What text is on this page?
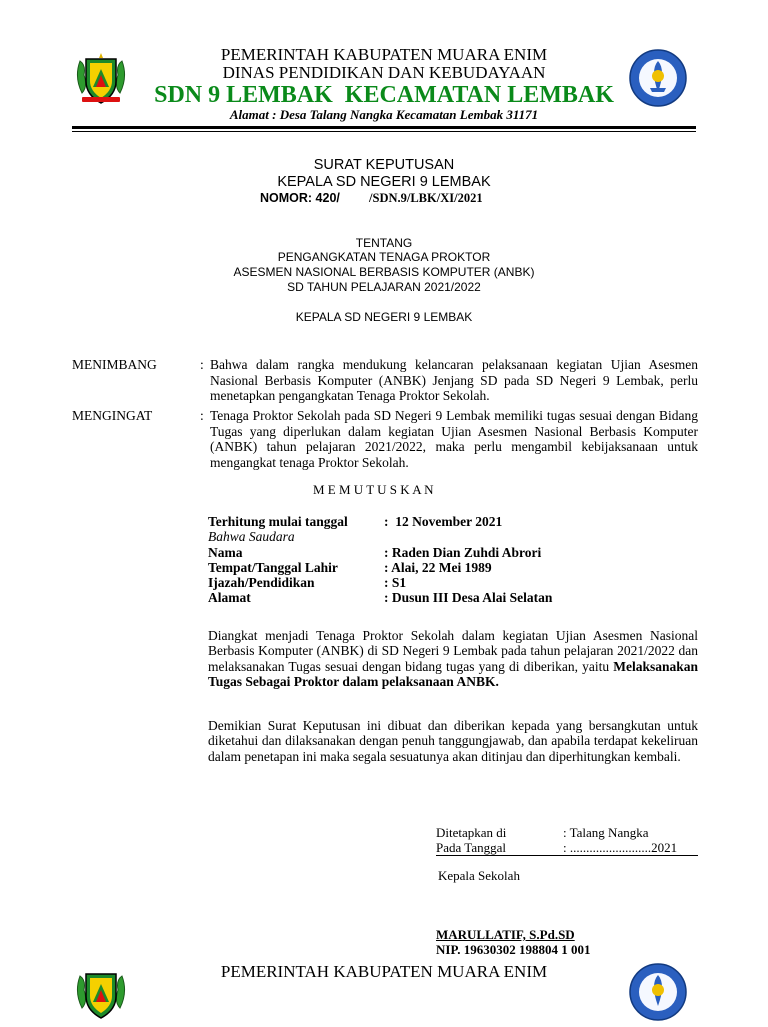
PEMERINTAH KABUPATEN MUARA ENIM
DINAS PENDIDIKAN DAN KEBUDAYAAN
SDN 9 LEMBAK  KECAMATAN LEMBAK
Alamat : Desa Talang Nangka Kecamatan Lembak 31171
SURAT KEPUTUSAN
KEPALA SD NEGERI 9 LEMBAK
NOMOR: 420/ /SDN.9/LBK/XI/2021
TENTANG
PENGANGKATAN TENAGA PROKTOR
ASESMEN NASIONAL BERBASIS KOMPUTER (ANBK)
SD TAHUN PELAJARAN 2021/2022
KEPALA SD NEGERI 9 LEMBAK
MENIMBANG	: Bahwa dalam rangka mendukung kelancaran pelaksanaan kegiatan Ujian Asesmen Nasional Berbasis Komputer (ANBK) Jenjang SD pada SD Negeri 9 Lembak, perlu menetapkan pengangkatan Tenaga Proktor Sekolah.
MENGINGAT	: Tenaga Proktor Sekolah pada SD Negeri 9 Lembak memiliki tugas sesuai dengan Bidang Tugas yang diperlukan dalam kegiatan Ujian Asesmen Nasional Berbasis Komputer (ANBK) tahun pelajaran 2021/2022, maka perlu mengambil kebijaksanaan untuk mengangkat tenaga Proktor Sekolah.
M E M U T U S K A N
Terhitung mulai tanggal	:  12 November 2021
Bahwa Saudara
Nama	: Raden Dian Zuhdi Abrori
Tempat/Tanggal Lahir	: Alai, 22 Mei 1989
Ijazah/Pendidikan	: S1
Alamat	: Dusun III Desa Alai Selatan
Diangkat menjadi Tenaga Proktor Sekolah dalam kegiatan Ujian Asesmen Nasional Berbasis Komputer (ANBK) di SD Negeri 9 Lembak pada tahun pelajaran 2021/2022 dan melaksanakan Tugas sesuai dengan bidang tugas yang di diberikan, yaitu Melaksanakan Tugas Sebagai Proktor dalam pelaksanaan ANBK.
Demikian Surat Keputusan ini dibuat dan diberikan kepada yang bersangkutan untuk diketahui dan dilaksanakan dengan penuh tanggungjawab, dan apabila terdapat kekeliruan dalam penetapan ini maka segala sesuatunya akan ditinjau dan diperhitungkan kembali.
Ditetapkan di	: Talang Nangka
Pada Tanggal	: .........................2021
Kepala Sekolah
MARULLATIF, S.Pd.SD
NIP. 19630302 198804 1 001
PEMERINTAH KABUPATEN MUARA ENIM
